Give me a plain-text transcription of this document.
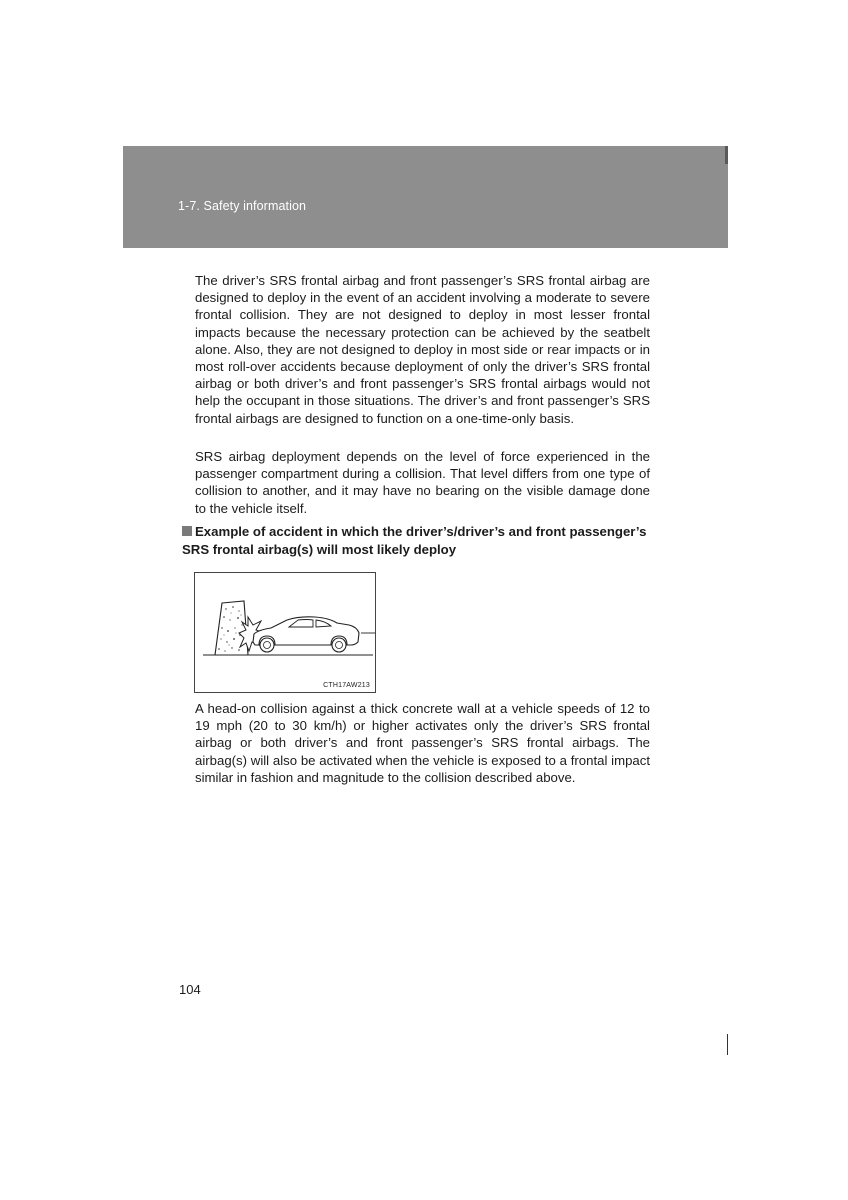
1-7. Safety information

The driver’s SRS frontal airbag and front passenger’s SRS frontal airbag are designed to deploy in the event of an accident involving a moderate to severe frontal collision. They are not designed to deploy in most lesser frontal impacts because the necessary protection can be achieved by the seatbelt alone. Also, they are not designed to deploy in most side or rear impacts or in most roll-over accidents because deployment of only the driver’s SRS frontal airbag or both driver’s and front passenger’s SRS frontal airbags would not help the occupant in those situations. The driver’s and front passenger’s SRS frontal airbags are designed to function on a one-time-only basis.

SRS airbag deployment depends on the level of force experienced in the passenger compartment during a collision. That level differs from one type of collision to another, and it may have no bearing on the visible damage done to the vehicle itself.

Example of accident in which the driver’s/driver’s and front passenger’s SRS frontal airbag(s) will most likely deploy

CTH17AW213

A head-on collision against a thick concrete wall at a vehicle speeds of 12 to 19 mph (20 to 30 km/h) or higher activates only the driver’s SRS frontal airbag or both driver’s and front passenger’s SRS frontal airbags. The airbag(s) will also be activated when the vehicle is exposed to a frontal impact similar in fashion and magnitude to the collision described above.

104
